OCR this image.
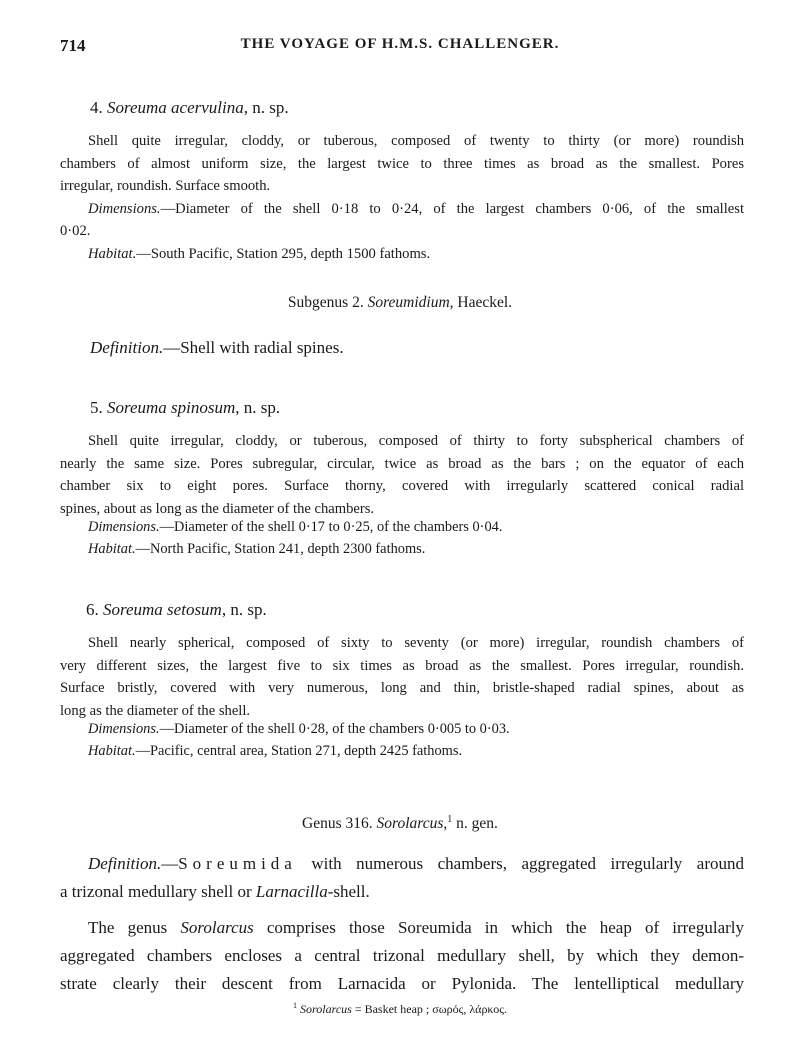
714	THE VOYAGE OF H.M.S. CHALLENGER.
4. Soreuma acervulina, n. sp.
Shell quite irregular, cloddy, or tuberous, composed of twenty to thirty (or more) roundish
chambers of almost uniform size, the largest twice to three times as broad as the smallest. Pores
irregular, roundish. Surface smooth.
Dimensions.—Diameter of the shell 0·18 to 0·24, of the largest chambers 0·06, of the smallest
0·02.
Habitat.—South Pacific, Station 295, depth 1500 fathoms.
Subgenus 2. Soreumidium, Haeckel.
Definition.—Shell with radial spines.
5. Soreuma spinosum, n. sp.
Shell quite irregular, cloddy, or tuberous, composed of thirty to forty subspherical chambers of
nearly the same size. Pores subregular, circular, twice as broad as the bars ; on the equator of each
chamber six to eight pores. Surface thorny, covered with irregularly scattered conical radial
spines, about as long as the diameter of the chambers.
Dimensions.—Diameter of the shell 0·17 to 0·25, of the chambers 0·04.
Habitat.—North Pacific, Station 241, depth 2300 fathoms.
6. Soreuma setosum, n. sp.
Shell nearly spherical, composed of sixty to seventy (or more) irregular, roundish chambers of
very different sizes, the largest five to six times as broad as the smallest. Pores irregular, roundish.
Surface bristly, covered with very numerous, long and thin, bristle-shaped radial spines, about as
long as the diameter of the shell.
Dimensions.—Diameter of the shell 0·28, of the chambers 0·005 to 0·03.
Habitat.—Pacific, central area, Station 271, depth 2425 fathoms.
Genus 316. Sorolarcus,$^1$ n. gen.
Definition.—Soreumida with numerous chambers, aggregated irregularly around
a trizonal medullary shell or Larnacilla-shell.
The genus Sorolarcus comprises those Soreumida in which the heap of irregularly
aggregated chambers encloses a central trizonal medullary shell, by which they demon-
strate clearly their descent from Larnacida or Pylonida. The lentelliptical medullary
$^1$ Sorolarcus = Basket heap ; σωρός, λάρκος.
